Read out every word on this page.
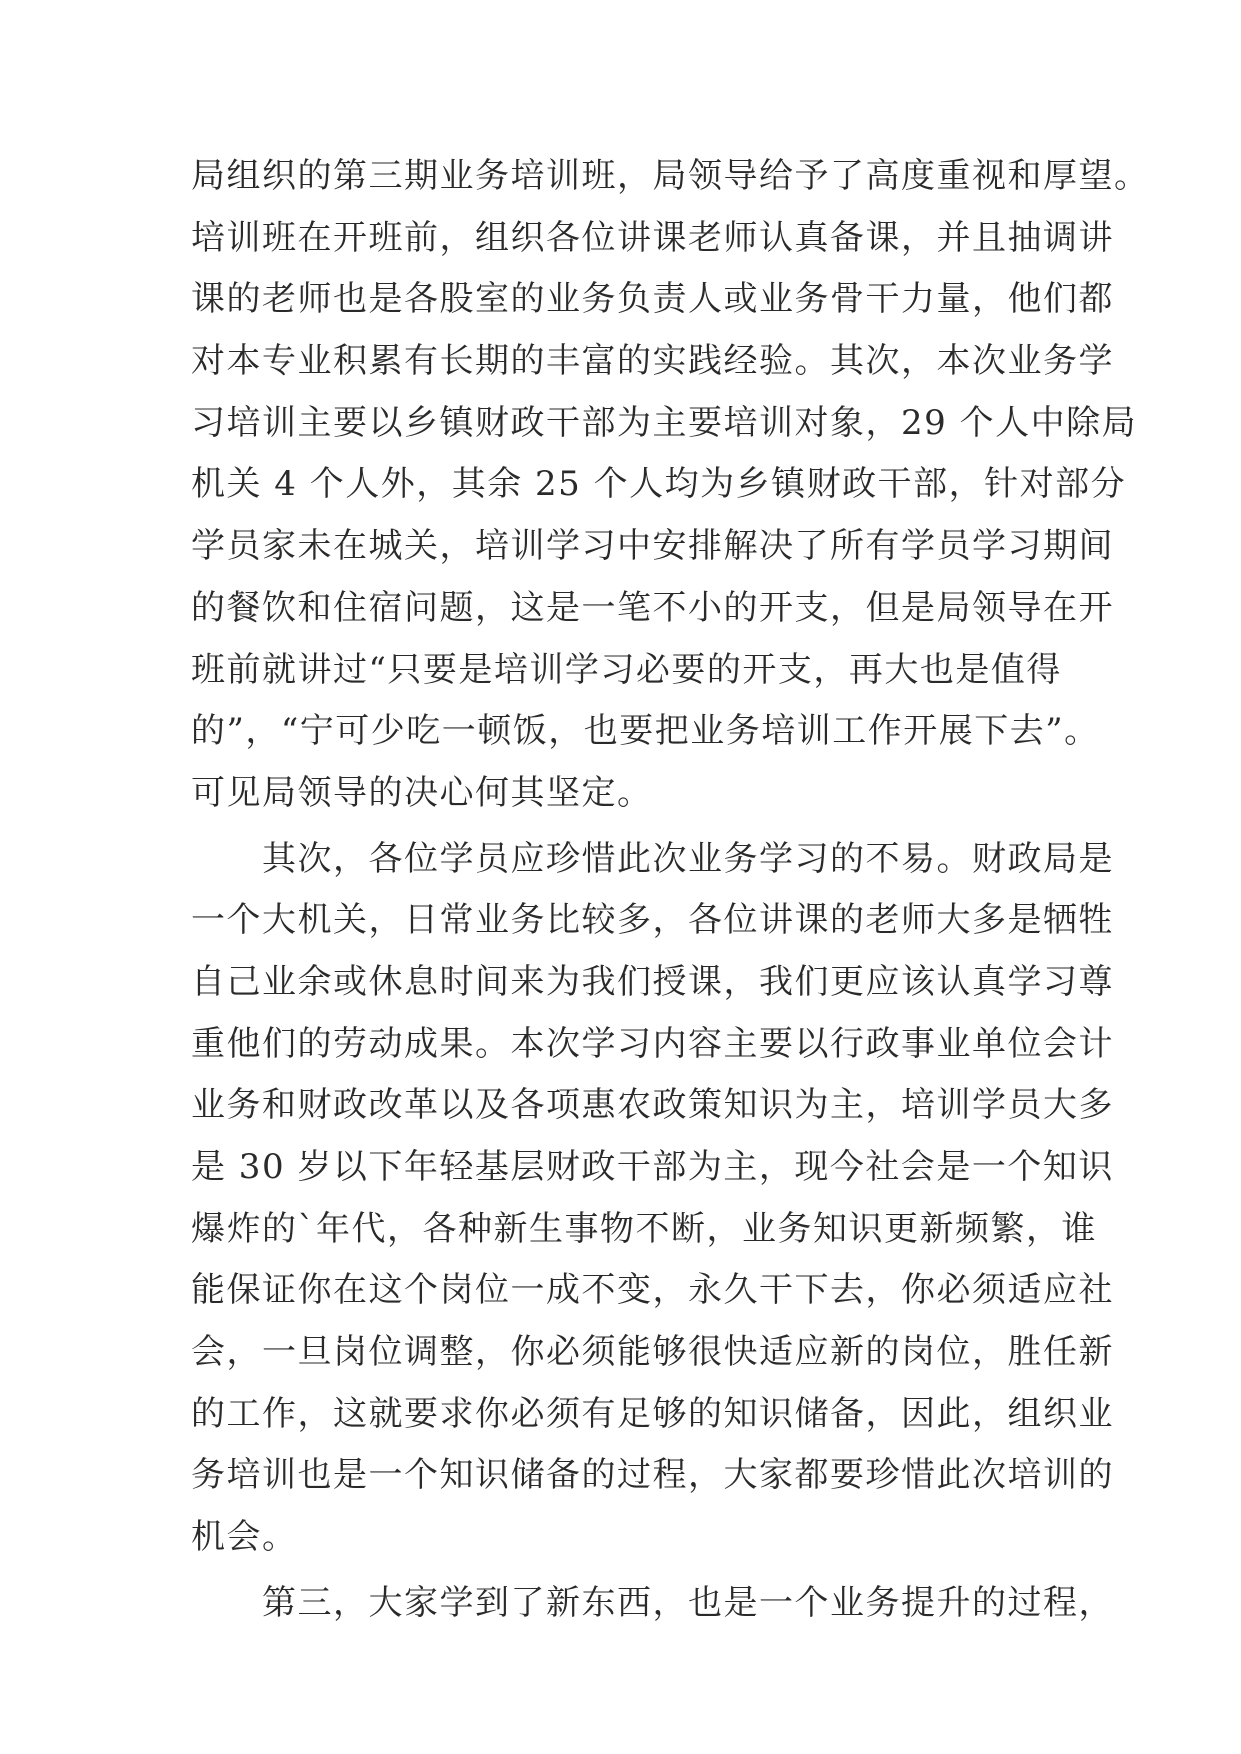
局组织的第三期业务培训班，局领导给予了高度重视和厚望。
培训班在开班前，组织各位讲课老师认真备课，并且抽调讲
课的老师也是各股室的业务负责人或业务骨干力量，他们都
对本专业积累有长期的丰富的实践经验。其次，本次业务学
习培训主要以乡镇财政干部为主要培训对象，29 个人中除局
机关 4 个人外，其余 25 个人均为乡镇财政干部，针对部分
学员家未在城关，培训学习中安排解决了所有学员学习期间
的餐饮和住宿问题，这是一笔不小的开支，但是局领导在开
班前就讲过“只要是培训学习必要的开支，再大也是值得
的”，“宁可少吃一顿饭，也要把业务培训工作开展下去”。
可见局领导的决心何其坚定。
　　其次，各位学员应珍惜此次业务学习的不易。财政局是
一个大机关，日常业务比较多，各位讲课的老师大多是牺牲
自己业余或休息时间来为我们授课，我们更应该认真学习尊
重他们的劳动成果。本次学习内容主要以行政事业单位会计
业务和财政改革以及各项惠农政策知识为主，培训学员大多
是 30 岁以下年轻基层财政干部为主，现今社会是一个知识
爆炸的`年代，各种新生事物不断，业务知识更新频繁，谁
能保证你在这个岗位一成不变，永久干下去，你必须适应社
会，一旦岗位调整，你必须能够很快适应新的岗位，胜任新
的工作，这就要求你必须有足够的知识储备，因此，组织业
务培训也是一个知识储备的过程，大家都要珍惜此次培训的
机会。
　　第三，大家学到了新东西，也是一个业务提升的过程，
